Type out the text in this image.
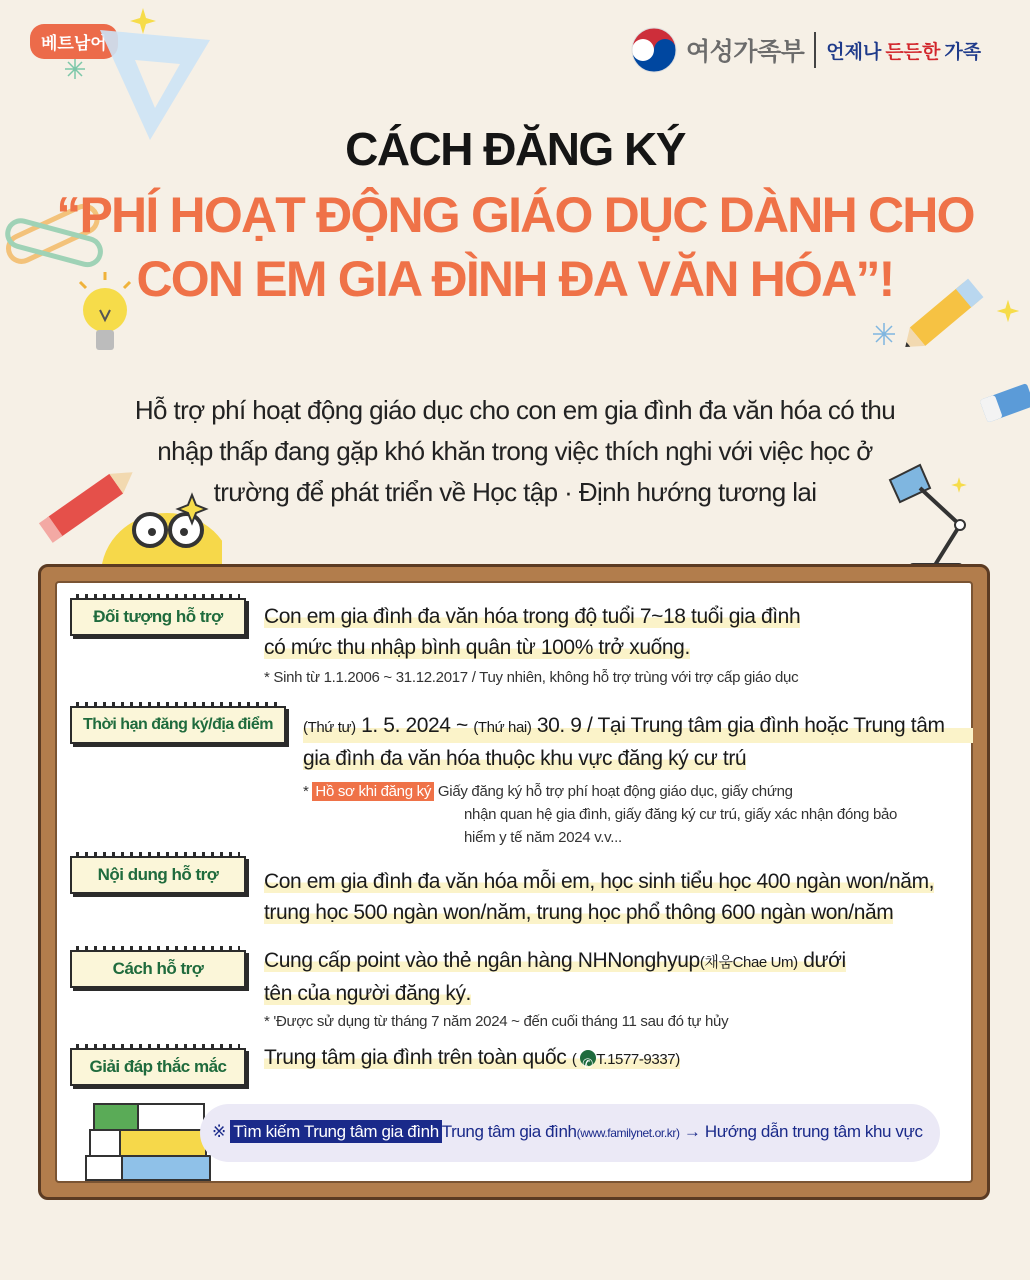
베트남어	여성가족부 언제나 든든한 가족
CÁCH ĐĂNG KÝ
“PHÍ HOẠT ĐỘNG GIÁO DỤC DÀNH CHO
CON EM GIA ĐÌNH ĐA VĂN HÓA”!
Hỗ trợ phí hoạt động giáo dục cho con em gia đình đa văn hóa có thu
nhập thấp đang gặp khó khăn trong việc thích nghi với việc học ở
trường để phát triển về Học tập · Định hướng tương lai
Đối tượng hỗ trợ	Con em gia đình đa văn hóa trong độ tuổi 7~18 tuổi gia đình
có mức thu nhập bình quân từ 100% trở xuống.
* Sinh từ 1.1.2006 ~ 31.12.2017 / Tuy nhiên, không hỗ trợ trùng với trợ cấp giáo dục
Thời hạn đăng ký/địa điểm	(Thứ tư) 1. 5. 2024 ~ (Thứ hai) 30. 9 / Tại Trung tâm gia đình hoặc Trung tâm
gia đình đa văn hóa thuộc khu vực đăng ký cư trú
* Hồ sơ khi đăng ký Giấy đăng ký hỗ trợ phí hoạt động giáo dục, giấy chứng
nhận quan hệ gia đình, giấy đăng ký cư trú, giấy xác nhận đóng bảo
hiểm y tế năm 2024 v.v...
Nội dung hỗ trợ	Con em gia đình đa văn hóa mỗi em, học sinh tiểu học 400 ngàn won/năm,
trung học 500 ngàn won/năm, trung học phổ thông 600 ngàn won/năm
Cách hỗ trợ	Cung cấp point vào thẻ ngân hàng NHNonghyup(채움Chae Um) dưới
tên của người đăng ký.
* 'Được sử dụng từ tháng 7 năm 2024 ~ đến cuối tháng 11 sau đó tự hủy
Giải đáp thắc mắc	Trung tâm gia đình trên toàn quốc ( ✆T.1577-9337)
※ Tìm kiếm Trung tâm gia đình Trung tâm gia đình(www.familynet.or.kr) → Hướng dẫn trung tâm khu vực
